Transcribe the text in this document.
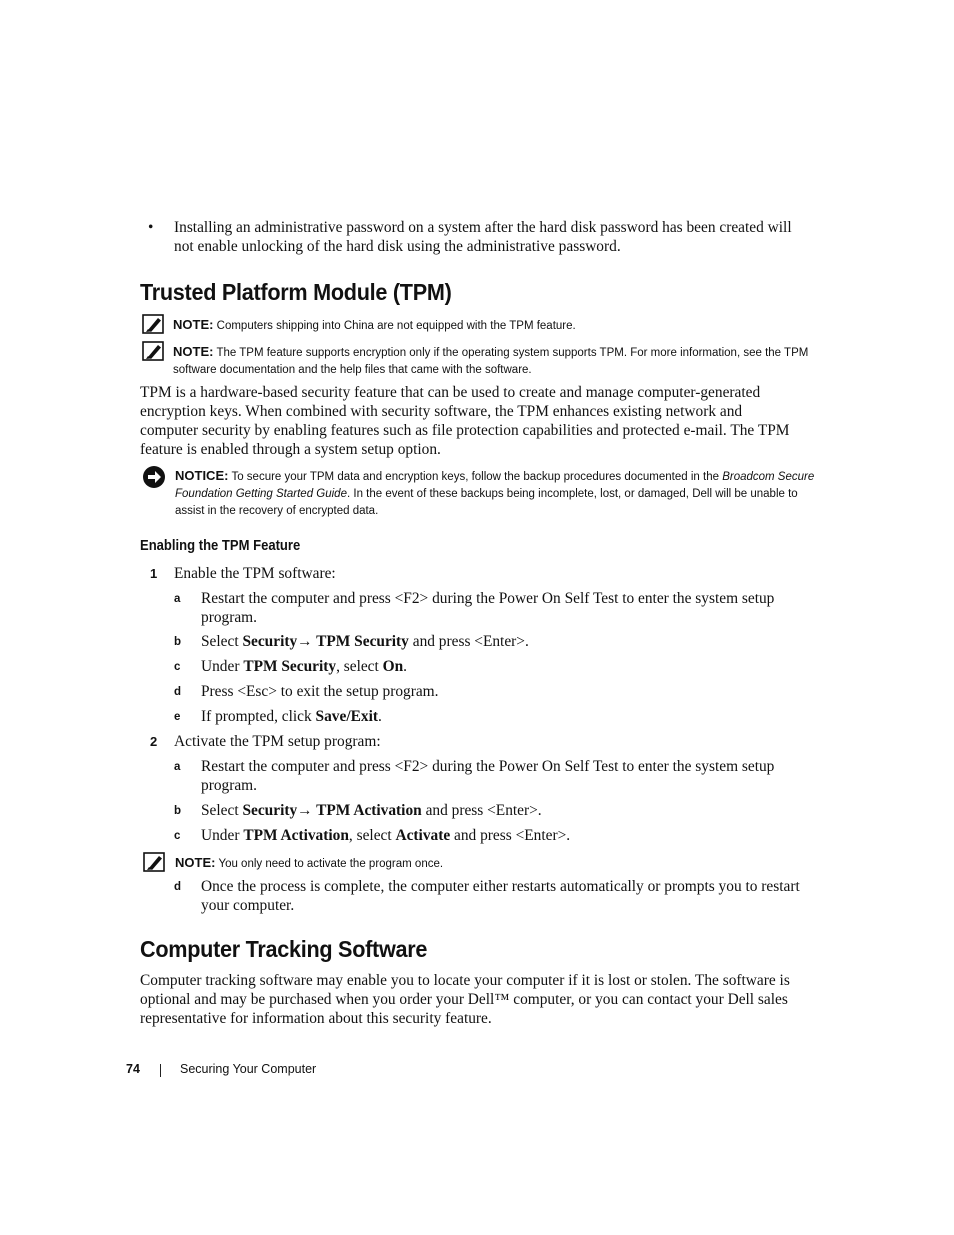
• Installing an administrative password on a system after the hard disk password has been created will not enable unlocking of the hard disk using the administrative password.
Trusted Platform Module (TPM)
NOTE: Computers shipping into China are not equipped with the TPM feature.
NOTE: The TPM feature supports encryption only if the operating system supports TPM. For more information, see the TPM software documentation and the help files that came with the software.
TPM is a hardware-based security feature that can be used to create and manage computer-generated encryption keys. When combined with security software, the TPM enhances existing network and computer security by enabling features such as file protection capabilities and protected e-mail. The TPM feature is enabled through a system setup option.
NOTICE: To secure your TPM data and encryption keys, follow the backup procedures documented in the Broadcom Secure Foundation Getting Started Guide. In the event of these backups being incomplete, lost, or damaged, Dell will be unable to assist in the recovery of encrypted data.
Enabling the TPM Feature
1 Enable the TPM software:
a Restart the computer and press <F2> during the Power On Self Test to enter the system setup program.
b Select Security→ TPM Security and press <Enter>.
c Under TPM Security, select On.
d Press <Esc> to exit the setup program.
e If prompted, click Save/Exit.
2 Activate the TPM setup program:
a Restart the computer and press <F2> during the Power On Self Test to enter the system setup program.
b Select Security→ TPM Activation and press <Enter>.
c Under TPM Activation, select Activate and press <Enter>.
NOTE: You only need to activate the program once.
d Once the process is complete, the computer either restarts automatically or prompts you to restart your computer.
Computer Tracking Software
Computer tracking software may enable you to locate your computer if it is lost or stolen. The software is optional and may be purchased when you order your Dell™ computer, or you can contact your Dell sales representative for information about this security feature.
74	Securing Your Computer
